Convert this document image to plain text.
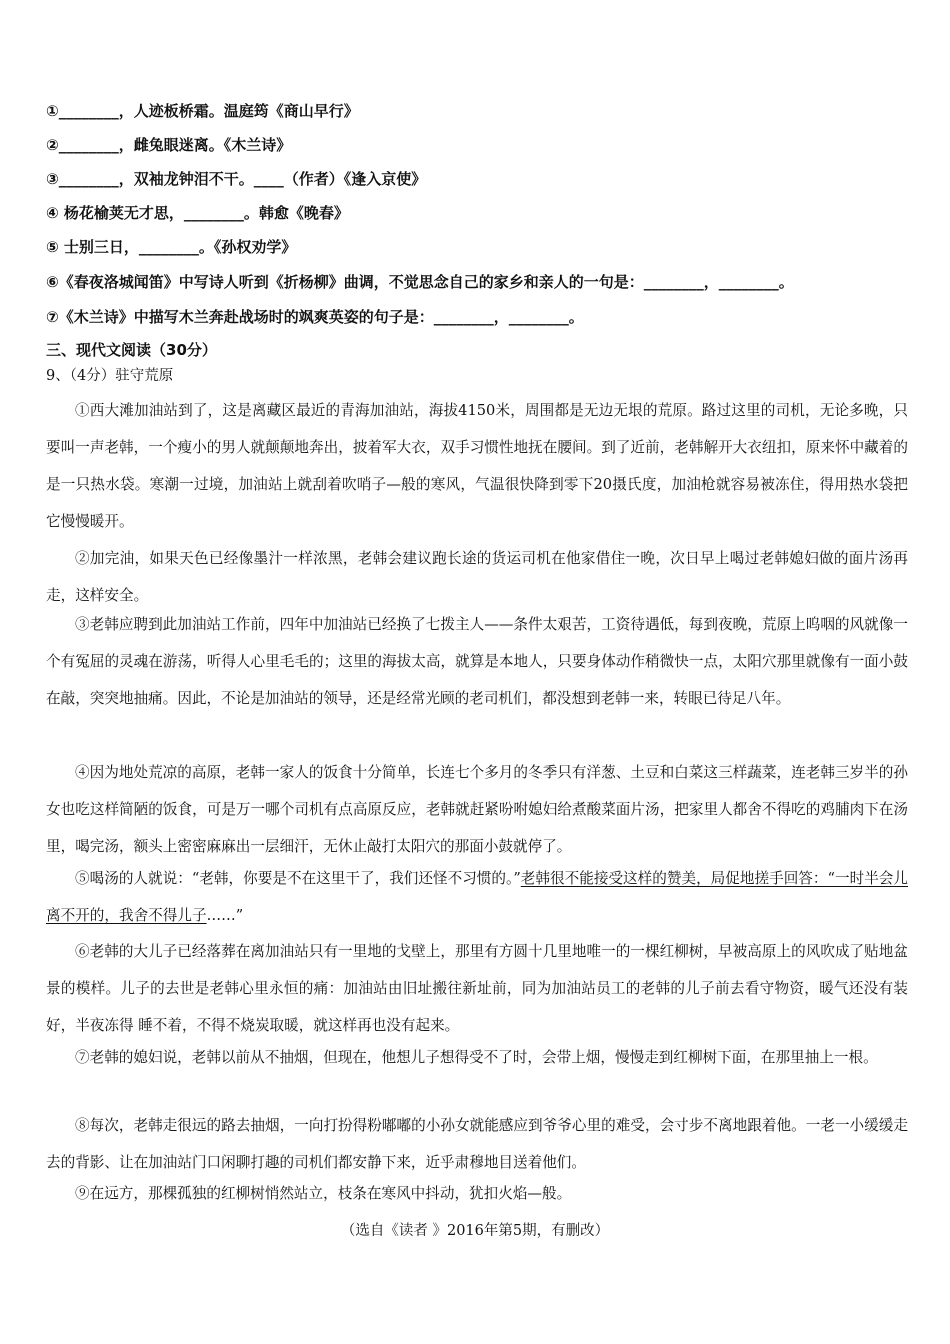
①________，人迹板桥霜。温庭筠《商山早行》
②________，雌兔眼迷离。《木兰诗》
③________，双袖龙钟泪不干。____（作者）《逢入京使》
④ 杨花榆荚无才思，________。韩愈《晚春》
⑤ 士别三日，________。《孙权劝学》
⑥《春夜洛城闻笛》中写诗人听到《折杨柳》曲调，不觉思念自己的家乡和亲人的一句是：________，________。
⑦《木兰诗》中描写木兰奔赴战场时的飒爽英姿的句子是：________，________。
三、现代文阅读（30分）
9、（4分）驻守荒原

①西大滩加油站到了，这是离藏区最近的青海加油站，海拔4150米，周围都是无边无垠的荒原。路过这里的司机，无论多晚，只要叫一声老韩，一个瘦小的男人就颠颠地奔出，披着军大衣，双手习惯性地抚在腰间。到了近前，老韩解开大衣纽扣，原来怀中藏着的是一只热水袋。寒潮一过境，加油站上就刮着吹哨子—般的寒风，气温很快降到零下20摄氏度，加油枪就容易被冻住，得用热水袋把它慢慢暖开。

②加完油，如果天色已经像墨汁一样浓黑，老韩会建议跑长途的货运司机在他家借住一晚，次日早上喝过老韩媳妇做的面片汤再走，这样安全。

③老韩应聘到此加油站工作前，四年中加油站已经换了七拨主人——条件太艰苦，工资待遇低，每到夜晚，荒原上呜咽的风就像一个有冤屈的灵魂在游荡，听得人心里毛毛的；这里的海拔太高，就算是本地人，只要身体动作稍微快一点，太阳穴那里就像有一面小鼓在敲，突突地抽痛。因此，不论是加油站的领导，还是经常光顾的老司机们，都没想到老韩一来，转眼已待足八年。

④因为地处荒凉的高原，老韩一家人的饭食十分简单，长连七个多月的冬季只有洋葱、土豆和白菜这三样蔬菜，连老韩三岁半的孙女也吃这样简陋的饭食，可是万一哪个司机有点高原反应，老韩就赶紧吩咐媳妇给煮酸菜面片汤，把家里人都舍不得吃的鸡脯肉下在汤里，喝完汤，额头上密密麻麻出一层细汗，无休止敲打太阳穴的那面小鼓就停了。

⑤喝汤的人就说：“老韩，你要是不在这里干了，我们还怪不习惯的。”老韩很不能接受这样的赞美，局促地搓手回答：“一时半会儿离不开的，我舍不得儿子……”

⑥老韩的大儿子已经落葬在离加油站只有一里地的戈壁上，那里有方圆十几里地唯一的一棵红柳树，早被高原上的风吹成了贴地盆景的模样。儿子的去世是老韩心里永恒的痛：加油站由旧址搬往新址前，同为加油站员工的老韩的儿子前去看守物资，暖气还没有装好，半夜冻得 睡不着，不得不烧炭取暖，就这样再也没有起来。

⑦老韩的媳妇说，老韩以前从不抽烟，但现在，他想儿子想得受不了时，会带上烟，慢慢走到红柳树下面，在那里抽上一根。

⑧每次，老韩走很远的路去抽烟，一向打扮得粉嘟嘟的小孙女就能感应到爷爷心里的难受，会寸步不离地跟着他。一老一小缓缓走去的背影、让在加油站门口闲聊打趣的司机们都安静下来，近乎肃穆地目送着他们。

⑨在远方，那棵孤独的红柳树悄然站立，枝条在寒风中抖动，犹扣火焰—般。

（选自《读者 》2016年第5期，有删改）
